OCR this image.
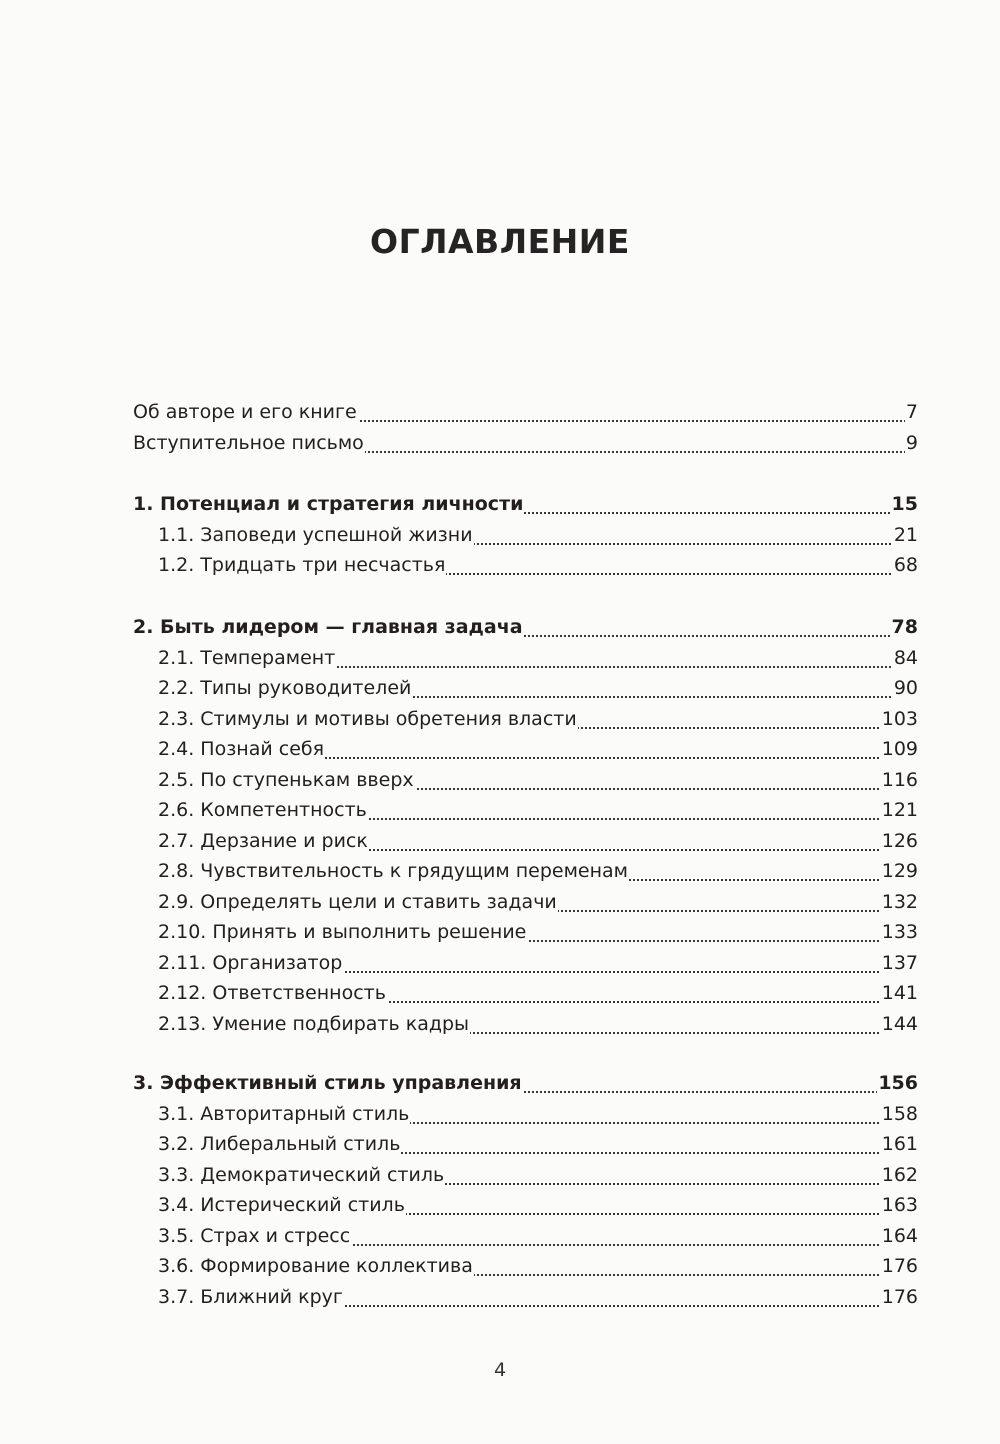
ОГЛАВЛЕНИЕ
Об авторе и его книге	7
Вступительное письмо	9
1. Потенциал и стратегия личности	15
1.1. Заповеди успешной жизни	21
1.2. Тридцать три несчастья	68
2. Быть лидером — главная задача	78
2.1. Темперамент	84
2.2. Типы руководителей	90
2.3. Стимулы и мотивы обретения власти	103
2.4. Познай себя	109
2.5. По ступенькам вверх	116
2.6. Компетентность	121
2.7. Дерзание и риск	126
2.8. Чувствительность к грядущим переменам	129
2.9. Определять цели и ставить задачи	132
2.10. Принять и выполнить решение	133
2.11. Организатор	137
2.12. Ответственность	141
2.13. Умение подбирать кадры	144
3. Эффективный стиль управления	156
3.1. Авторитарный стиль	158
3.2. Либеральный стиль	161
3.3. Демократический стиль	162
3.4. Истерический стиль	163
3.5. Страх и стресс	164
3.6. Формирование коллектива	176
3.7. Ближний круг	176
4
